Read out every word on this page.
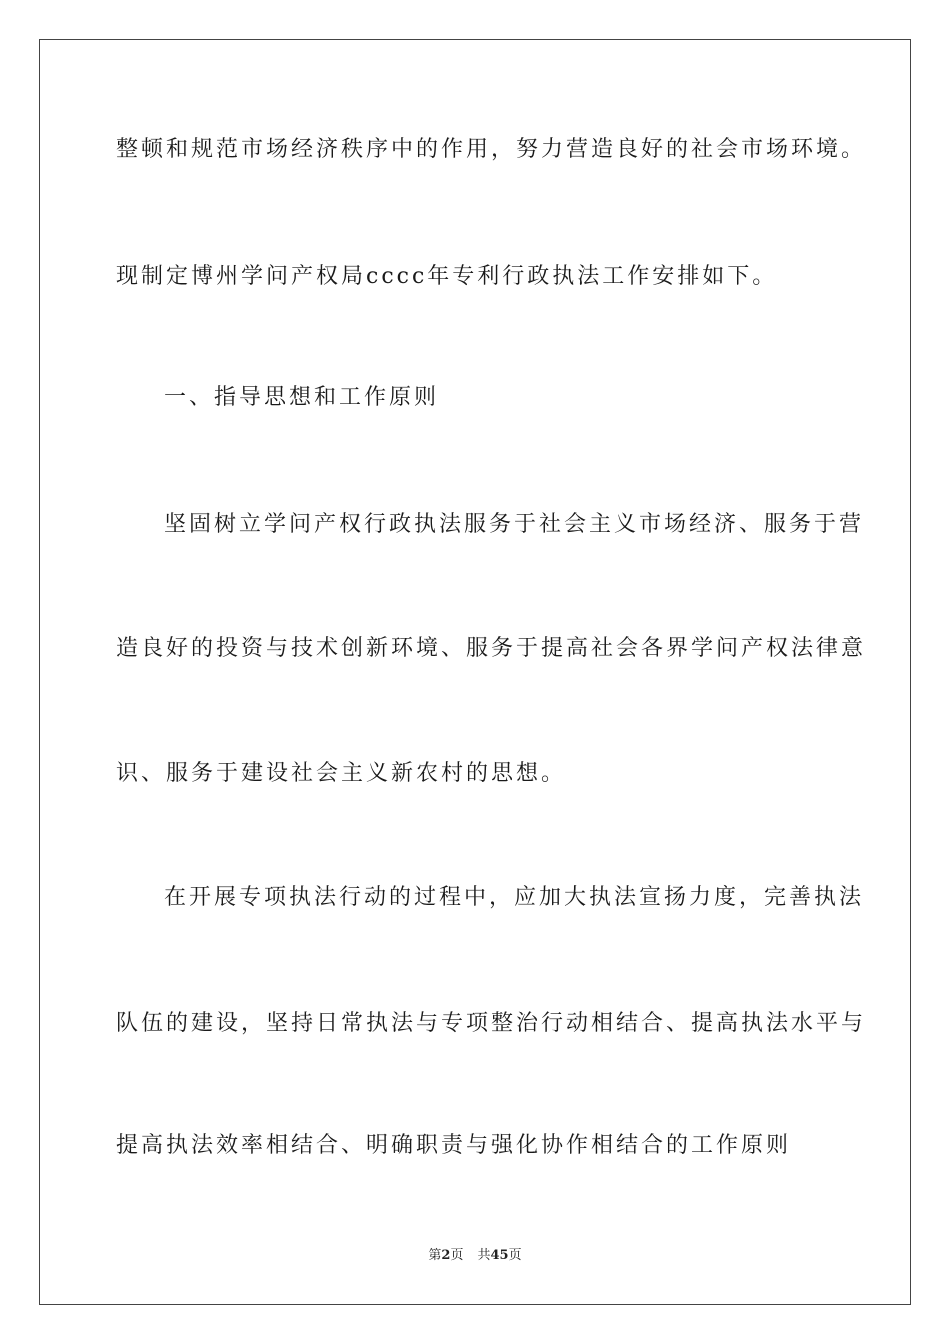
整顿和规范市场经济秩序中的作用，努力营造良好的社会市场环境。
现制定博州学问产权局cccc年专利行政执法工作安排如下。
一、指导思想和工作原则
坚固树立学问产权行政执法服务于社会主义市场经济、服务于营
造良好的投资与技术创新环境、服务于提高社会各界学问产权法律意
识、服务于建设社会主义新农村的思想。
在开展专项执法行动的过程中，应加大执法宣扬力度，完善执法
队伍的建设，坚持日常执法与专项整治行动相结合、提高执法水平与
提高执法效率相结合、明确职责与强化协作相结合的工作原则
第2页 共45页
